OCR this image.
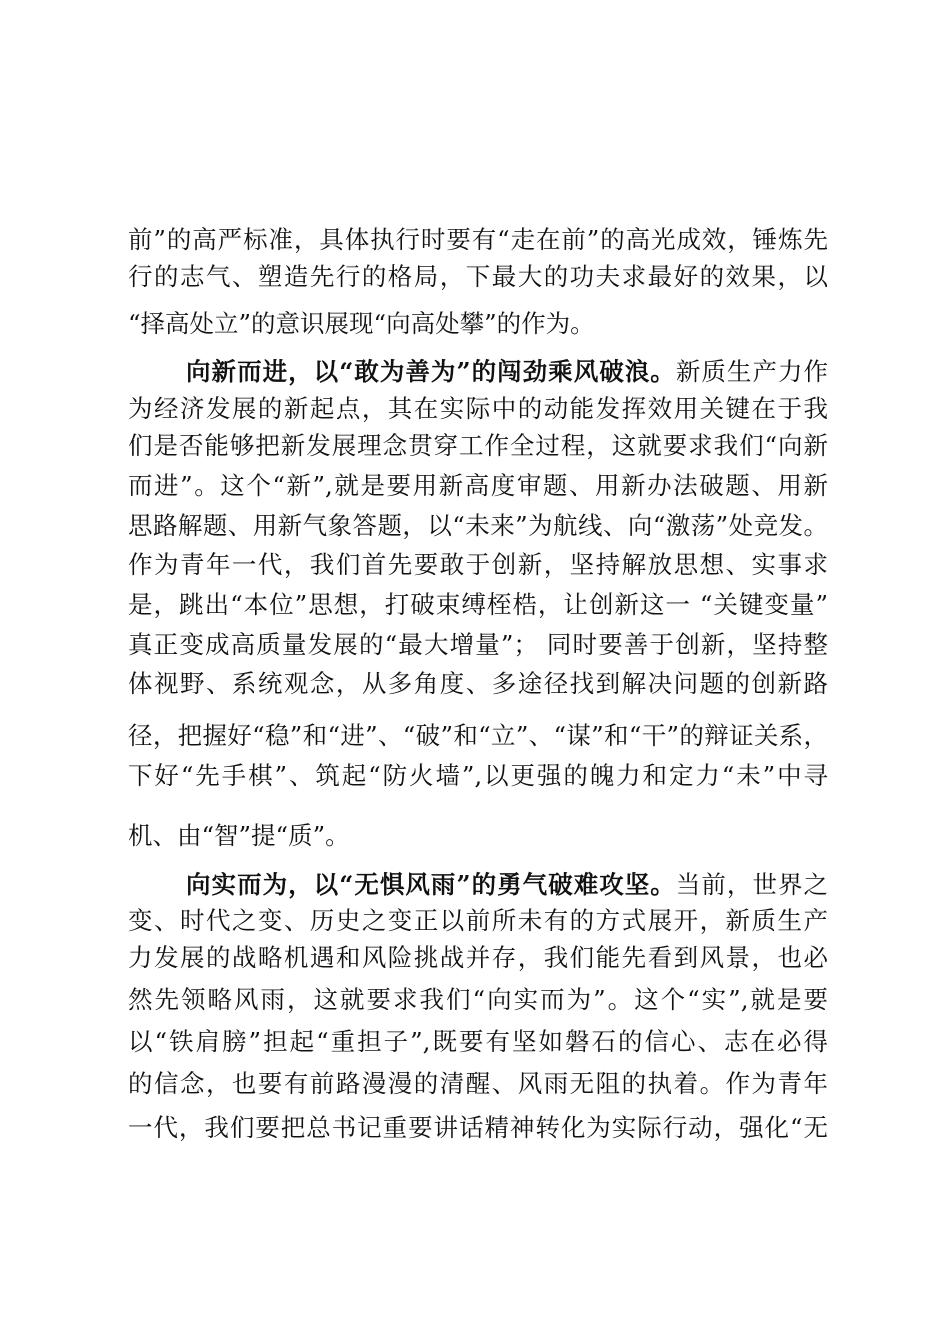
前”的高严标准，具体执行时要有“走在前”的高光成效，锤炼先
行的志气、塑造先行的格局，下最大的功夫求最好的效果，以
“择高处立”的意识展现“向高处攀”的作为。
向新而进，以“敢为善为”的闯劲乘风破浪。新质生产力作
为经济发展的新起点，其在实际中的动能发挥效用关键在于我
们是否能够把新发展理念贯穿工作全过程，这就要求我们“向新
而进”。这个“新”,就是要用新高度审题、用新办法破题、用新
思路解题、用新气象答题，以“未来”为航线、向“激荡”处竞发。
作为青年一代，我们首先要敢于创新，坚持解放思想、实事求
是，跳出“本位”思想，打破束缚桎梏，让创新这一 “关键变量”
真正变成高质量发展的“最大增量”； 同时要善于创新，坚持整
体视野、系统观念，从多角度、多途径找到解决问题的创新路
径，把握好“稳”和“进”、“破”和“立”、“谋”和“干”的辩证关系，
下好“先手棋”、筑起“防火墙”,以更强的魄力和定力“未”中寻
机、由“智”提“质”。
向实而为，以“无惧风雨”的勇气破难攻坚。当前，世界之
变、时代之变、历史之变正以前所未有的方式展开，新质生产
力发展的战略机遇和风险挑战并存，我们能先看到风景，也必
然先领略风雨，这就要求我们“向实而为”。这个“实”,就是要
以“铁肩膀”担起“重担子”,既要有坚如磐石的信心、志在必得
的信念，也要有前路漫漫的清醒、风雨无阻的执着。作为青年
一代，我们要把总书记重要讲话精神转化为实际行动，强化“无
